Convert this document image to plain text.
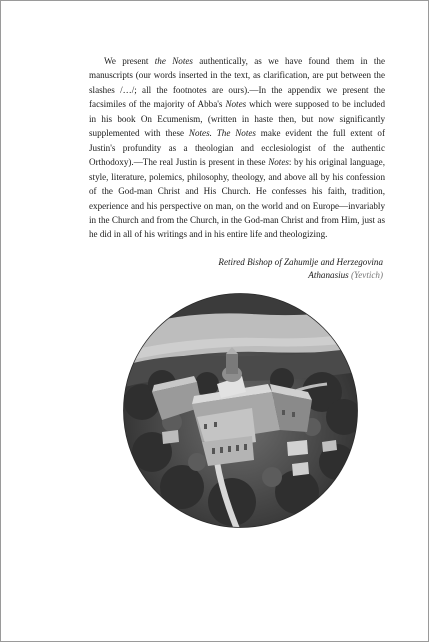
We present the Notes authentically, as we have found them in the manuscripts (our words inserted in the text, as clarification, are put between the slashes /…/; all the footnotes are ours).—In the appendix we present the facsimiles of the majority of Abba's Notes which were supposed to be included in his book On Ecumenism, (written in haste then, but now significantly supplemented with these Notes. The Notes make evident the full extent of Justin's profundity as a theologian and ecclesiologist of the authentic Orthodoxy).—The real Justin is present in these Notes: by his original language, style, literature, polemics, philosophy, theology, and above all by his confession of the God-man Christ and His Church. He confesses his faith, tradition, experience and his perspective on man, on the world and on Europe—invariably in the Church and from the Church, in the God-man Christ and from Him, just as he did in all of his writings and in his entire life and theologizing.

Retired Bishop of Zahumlje and Herzegovina
Athanasius (Yevtich)
